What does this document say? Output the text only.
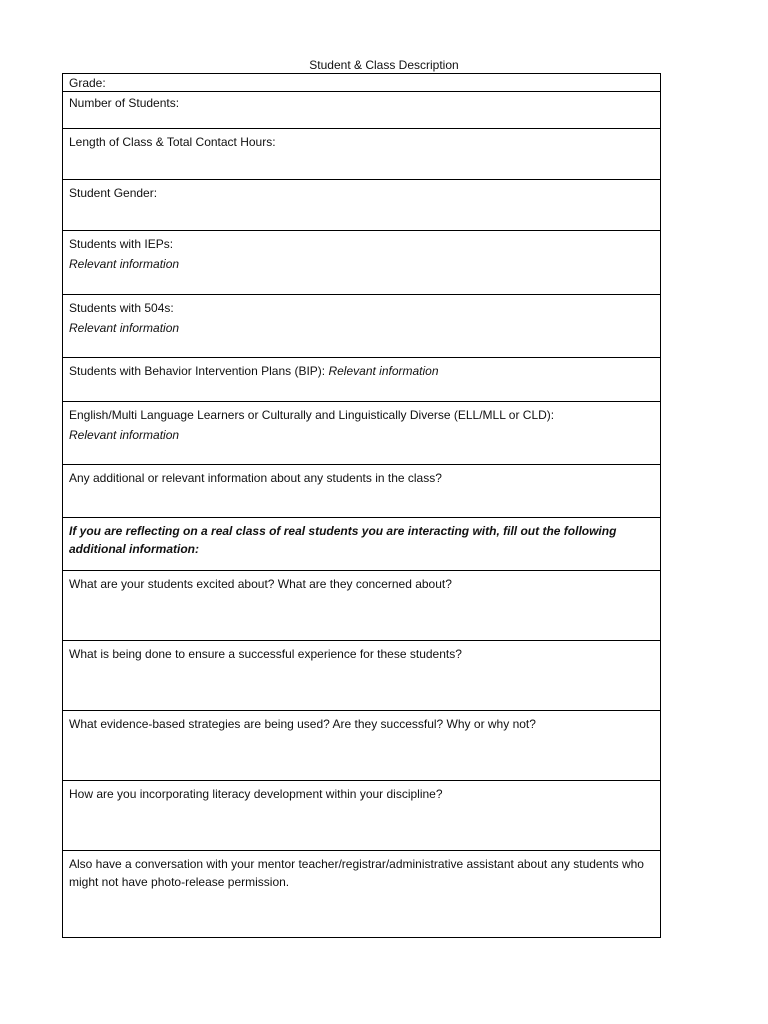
Student & Class Description
Grade:
Number of Students:
Length of Class & Total Contact Hours:
Student Gender:
Students with IEPs:
Relevant information
Students with 504s:
Relevant information
Students with Behavior Intervention Plans (BIP): Relevant information
English/Multi Language Learners or Culturally and Linguistically Diverse (ELL/MLL or CLD):
Relevant information
Any additional or relevant information about any students in the class?
If you are reflecting on a real class of real students you are interacting with, fill out the following additional information:
What are your students excited about? What are they concerned about?
What is being done to ensure a successful experience for these students?
What evidence-based strategies are being used? Are they successful? Why or why not?
How are you incorporating literacy development within your discipline?
Also have a conversation with your mentor teacher/registrar/administrative assistant about any students who might not have photo-release permission.
